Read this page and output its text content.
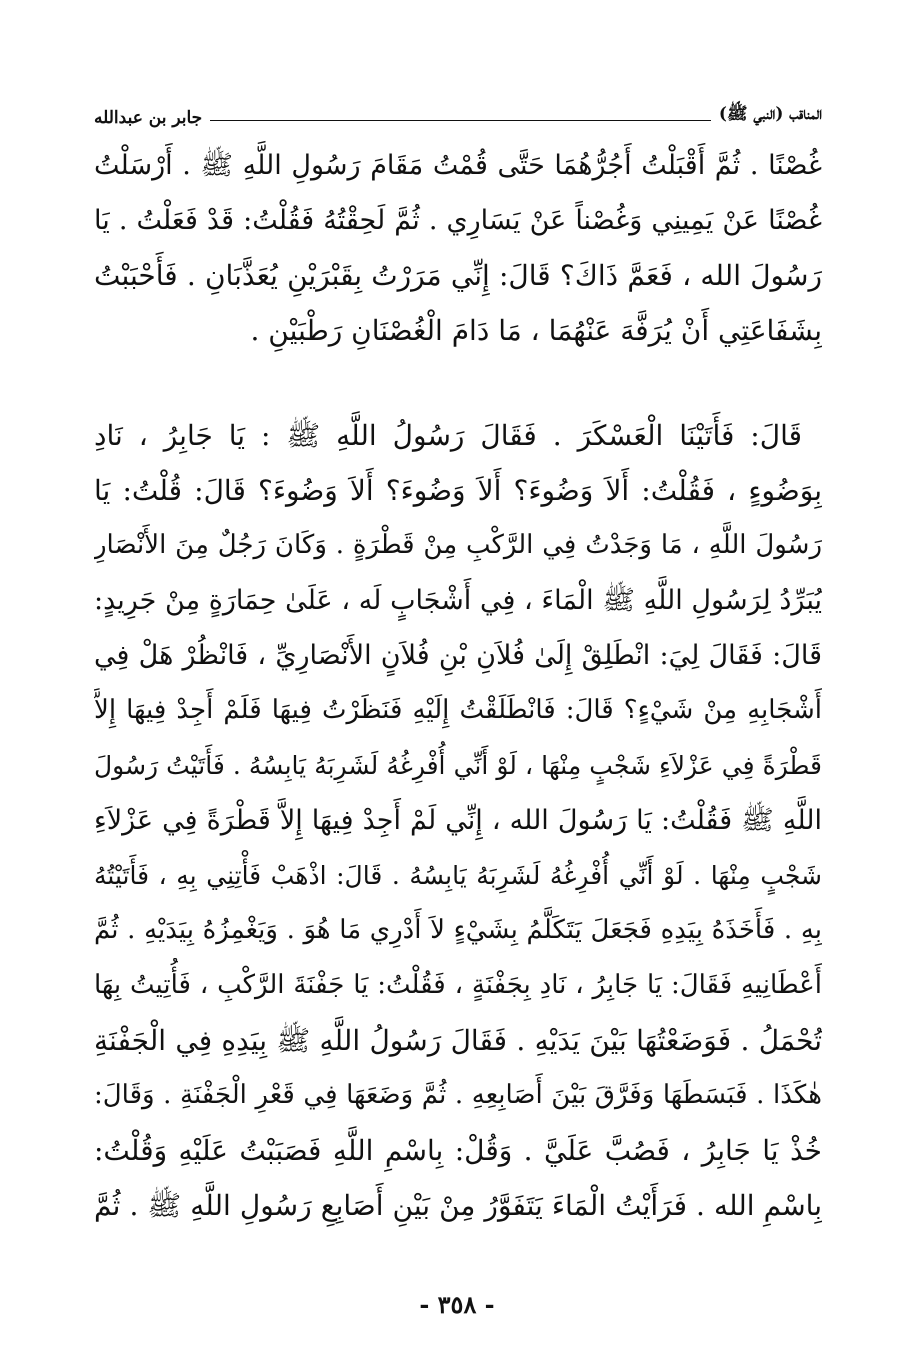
المناقب (النبي ﷺ)
جابر بن عبدالله
غُصْنًا . ثُمَّ أَقْبَلْتُ أَجُرُّهُمَا حَتَّى قُمْتُ مَقَامَ رَسُولِ اللَّهِ ﷺ . أَرْسَلْتُ
غُصْنًا عَنْ يَمِينِي وَغُصْناً عَنْ يَسَارِي . ثُمَّ لَحِقْتُهُ فَقُلْتُ: قَدْ فَعَلْتُ . يَا
رَسُولَ الله ، فَعَمَّ ذَاكَ؟ قَالَ: إِنِّي مَرَرْتُ بِقَبْرَيْنِ يُعَذَّبَانِ . فَأَحْبَبْتُ
بِشَفَاعَتِي أَنْ يُرَفَّهَ عَنْهُمَا ، مَا دَامَ الْغُصْنَانِ رَطْبَيْنِ .
قَالَ: فَأَتَيْنَا الْعَسْكَرَ . فَقَالَ رَسُولُ اللَّهِ ﷺ : يَا جَابِرُ ، نَادِ
بِوَضُوءٍ ، فَقُلْتُ: أَلاَ وَضُوءَ؟ أَلاَ وَضُوءَ؟ أَلاَ وَضُوءَ؟ قَالَ: قُلْتُ: يَا
رَسُولَ اللَّهِ ، مَا وَجَدْتُ فِي الرَّكْبِ مِنْ قَطْرَةٍ . وَكَانَ رَجُلٌ مِنَ الأَنْصَارِ
يُبَرِّدُ لِرَسُولِ اللَّهِ ﷺ الْمَاءَ ، فِي أَشْجَابٍ لَه ، عَلَىٰ حِمَارَةٍ مِنْ جَرِيدٍ:
قَالَ: فَقَالَ لِيَ: انْطَلِقْ إِلَىٰ فُلاَنِ بْنِ فُلاَنٍ الأَنْصَارِيِّ ، فَانْظُرْ هَلْ فِي
أَشْجَابِهِ مِنْ شَيْءٍ؟ قَالَ: فَانْطَلَقْتُ إِلَيْهِ فَنَظَرْتُ فِيهَا فَلَمْ أَجِدْ فِيهَا إِلاَّ
قَطْرَةً فِي عَزْلاَءِ شَجْبٍ مِنْهَا ، لَوْ أَنِّي أُفْرِغُهُ لَشَرِبَهُ يَابِسُهُ . فَأَتَيْتُ رَسُولَ
اللَّهِ ﷺ فَقُلْتُ: يَا رَسُولَ الله ، إِنِّي لَمْ أَجِدْ فِيهَا إِلاَّ قَطْرَةً فِي عَزْلاَءِ
شَجْبٍ مِنْهَا . لَوْ أَنِّي أُفْرِغُهُ لَشَرِبَهُ يَابِسُهُ . قَالَ: اذْهَبْ فَأْتِنِي بِهِ ، فَأَتَيْتُهُ
بِهِ . فَأَخَذَهُ بِيَدِهِ فَجَعَلَ يَتَكَلَّمُ بِشَيْءٍ لاَ أَدْرِي مَا هُوَ . وَيَغْمِزُهُ بِيَدَيْهِ . ثُمَّ
أَعْطَانِيهِ فَقَالَ: يَا جَابِرُ ، نَادِ بِجَفْنَةٍ ، فَقُلْتُ: يَا جَفْنَةَ الرَّكْبِ ، فَأُتِيتُ بِهَا
تُحْمَلُ . فَوَضَعْتُهَا بَيْنَ يَدَيْهِ . فَقَالَ رَسُولُ اللَّهِ ﷺ بِيَدِهِ فِي الْجَفْنَةِ
هٰكَذَا . فَبَسَطَهَا وَفَرَّقَ بَيْنَ أَصَابِعِهِ . ثُمَّ وَضَعَهَا فِي قَعْرِ الْجَفْنَةِ . وَقَالَ:
خُذْ يَا جَابِرُ ، فَصُبَّ عَلَيَّ . وَقُلْ: بِاسْمِ اللَّهِ فَصَبَبْتُ عَلَيْهِ وَقُلْتُ:
بِاسْمِ الله . فَرَأَيْتُ الْمَاءَ يَتَفَوَّرُ مِنْ بَيْنِ أَصَابِعِ رَسُولِ اللَّهِ ﷺ . ثُمَّ
- ٣٥٨ -
